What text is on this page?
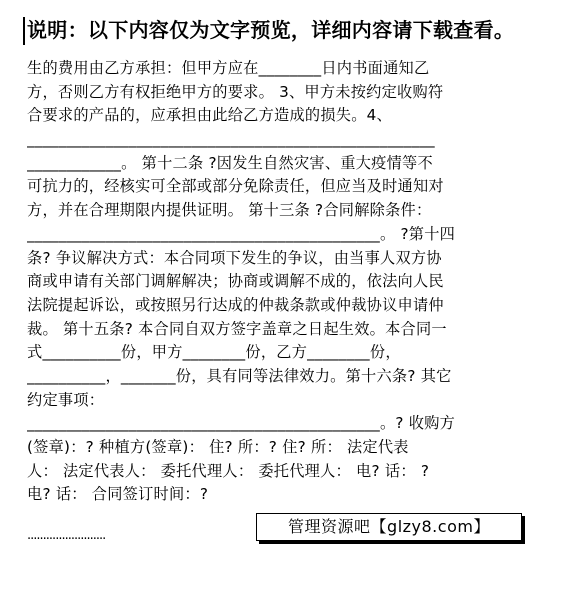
说明：以下内容仅为文字预览，详细内容请下载查看。
生的费用由乙方承担：但甲方应在________日内书面通知乙
方，否则乙方有权拒绝甲方的要求。 3、甲方未按约定收购符
合要求的产品的，应承担由此给乙方造成的损失。4、
____________________________________________________
____________。 第十二条 ?因发生自然灾害、重大疫情等不
可抗力的，经核实可全部或部分免除责任，但应当及时通知对
方，并在合理期限内提供证明。 第十三条 ?合同解除条件：
_____________________________________________。 ?第十四
条? 争议解决方式：本合同项下发生的争议，由当事人双方协
商或申请有关部门调解解决；协商或调解不成的，依法向人民
法院提起诉讼，或按照另行达成的仲裁条款或仲裁协议申请仲
裁。 第十五条? 本合同自双方签字盖章之日起生效。本合同一
式__________份，甲方________份，乙方________份，
__________，_______份，具有同等法律效力。第十六条? 其它
约定事项：
_____________________________________________。? 收购方
(签章)：? 种植方(签章)： 住? 所：? 住? 所： 法定代表
人： 法定代表人： 委托代理人： 委托代理人： 电? 话： ?
电? 话： 合同签订时间：?
·························
管理资源吧【glzy8.com】
